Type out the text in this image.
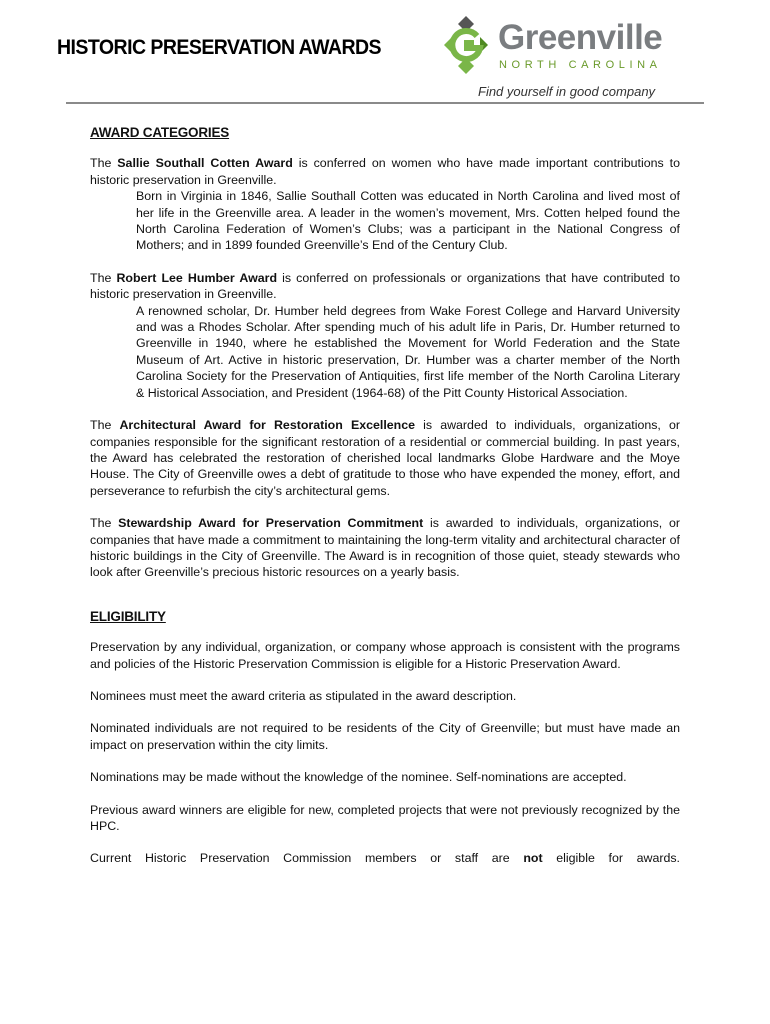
HISTORIC PRESERVATION AWARDS	Greenville
NORTH CAROLINA
Find yourself in good company
AWARD CATEGORIES

The Sallie Southall Cotten Award is conferred on women who have made important contributions to historic preservation in Greenville.

Born in Virginia in 1846, Sallie Southall Cotten was educated in North Carolina and lived most of her life in the Greenville area. A leader in the women’s movement, Mrs. Cotten helped found the North Carolina Federation of Women’s Clubs; was a participant in the National Congress of Mothers; and in 1899 founded Greenville’s End of the Century Club.

The Robert Lee Humber Award is conferred on professionals or organizations that have contributed to historic preservation in Greenville.

A renowned scholar, Dr. Humber held degrees from Wake Forest College and Harvard University and was a Rhodes Scholar. After spending much of his adult life in Paris, Dr. Humber returned to Greenville in 1940, where he established the Movement for World Federation and the State Museum of Art. Active in historic preservation, Dr. Humber was a charter member of the North Carolina Society for the Preservation of Antiquities, first life member of the North Carolina Literary & Historical Association, and President (1964-68) of the Pitt County Historical Association.

The Architectural Award for Restoration Excellence is awarded to individuals, organizations, or companies responsible for the significant restoration of a residential or commercial building. In past years, the Award has celebrated the restoration of cherished local landmarks Globe Hardware and the Moye House. The City of Greenville owes a debt of gratitude to those who have expended the money, effort, and perseverance to refurbish the city’s architectural gems.

The Stewardship Award for Preservation Commitment is awarded to individuals, organizations, or companies that have made a commitment to maintaining the long-term vitality and architectural character of historic buildings in the City of Greenville. The Award is in recognition of those quiet, steady stewards who look after Greenville’s precious historic resources on a yearly basis.

ELIGIBILITY

Preservation by any individual, organization, or company whose approach is consistent with the programs and policies of the Historic Preservation Commission is eligible for a Historic Preservation Award.

Nominees must meet the award criteria as stipulated in the award description.

Nominated individuals are not required to be residents of the City of Greenville; but must have made an impact on preservation within the city limits.

Nominations may be made without the knowledge of the nominee. Self-nominations are accepted.

Previous award winners are eligible for new, completed projects that were not previously recognized by the HPC.

Current Historic Preservation Commission members or staff are not eligible for awards.
